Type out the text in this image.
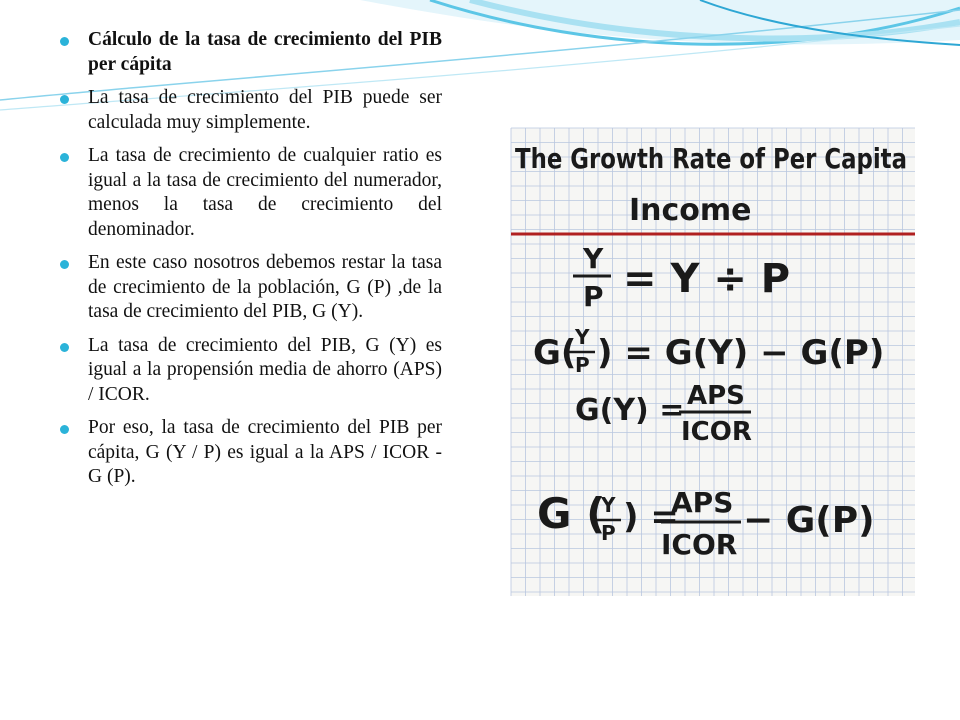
Cálculo de la tasa de crecimiento del PIB per cápita
La tasa de crecimiento del PIB puede ser calculada muy simplemente.
La tasa de crecimiento de cualquier ratio es igual a la tasa de crecimiento del numerador, menos la tasa de crecimiento del denominador.
En este caso nosotros debemos restar la tasa de crecimiento de la población, G (P) ,de la tasa de crecimiento del PIB, G (Y).
La tasa de crecimiento del PIB, G (Y) es igual a la propensión media de ahorro (APS) / ICOR.
Por eso, la tasa de crecimiento del PIB per cápita, G (Y / P) es igual a la APS / ICOR - G (P).
The Growth Rate of Per Capita
Income
Y
P = Y ÷ P
G(
Y
P ) = G(Y) − G(P)
G(Y) = APS
ICOR
G (
Y
P ) =
APS
ICOR
− G(P)
